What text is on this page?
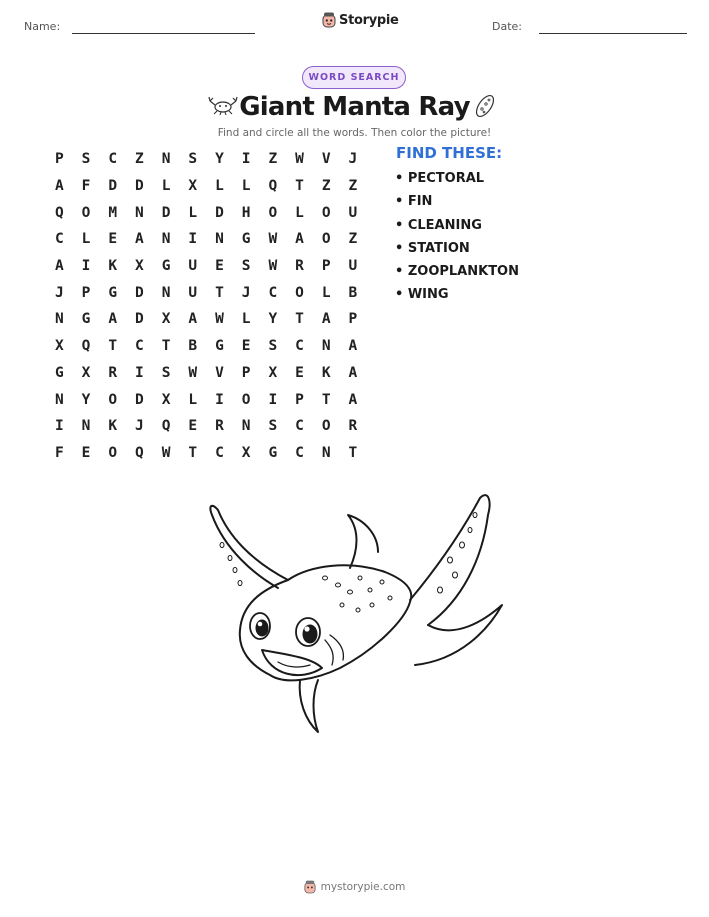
Name:	Storypie	Date:
WORD SEARCH
Giant Manta Ray
Find and circle all the words. Then color the picture!
P	S	C	Z	N	S	Y	I	Z	W	V	J
A	F	D	D	L	X	L	L	Q	T	Z	Z
Q	O	M	N	D	L	D	H	O	L	O	U
C	L	E	A	N	I	N	G	W	A	O	Z
A	I	K	X	G	U	E	S	W	R	P	U
J	P	G	D	N	U	T	J	C	O	L	B
N	G	A	D	X	A	W	L	Y	T	A	P
X	Q	T	C	T	B	G	E	S	C	N	A
G	X	R	I	S	W	V	P	X	E	K	A
N	Y	O	D	X	L	I	O	I	P	T	A
I	N	K	J	Q	E	R	N	S	C	O	R
F	E	O	Q	W	T	C	X	G	C	N	T
FIND THESE:
• PECTORAL
• FIN
• CLEANING
• STATION
• ZOOPLANKTON
• WING
mystorypie.com
